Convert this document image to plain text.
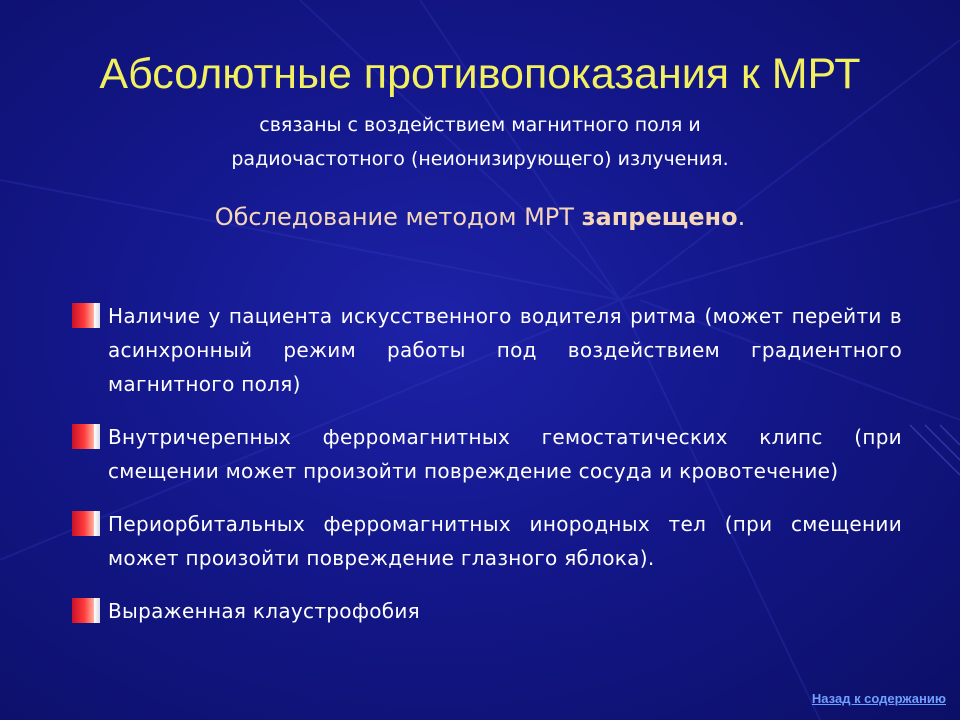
Абсолютные противопоказания к МРТ
связаны с воздействием магнитного поля и
радиочастотного (неионизирующего) излучения.
Обследование методом МРТ запрещено.
Наличие у пациента искусственного водителя ритма (может перейти в асинхронный режим работы под воздействием градиентного магнитного поля)
Внутричерепных ферромагнитных гемостатических клипс (при смещении может произойти повреждение сосуда и кровотечение)
Периорбитальных ферромагнитных инородных тел (при смещении может произойти повреждение глазного яблока).
Выраженная клаустрофобия
Назад к содержанию
